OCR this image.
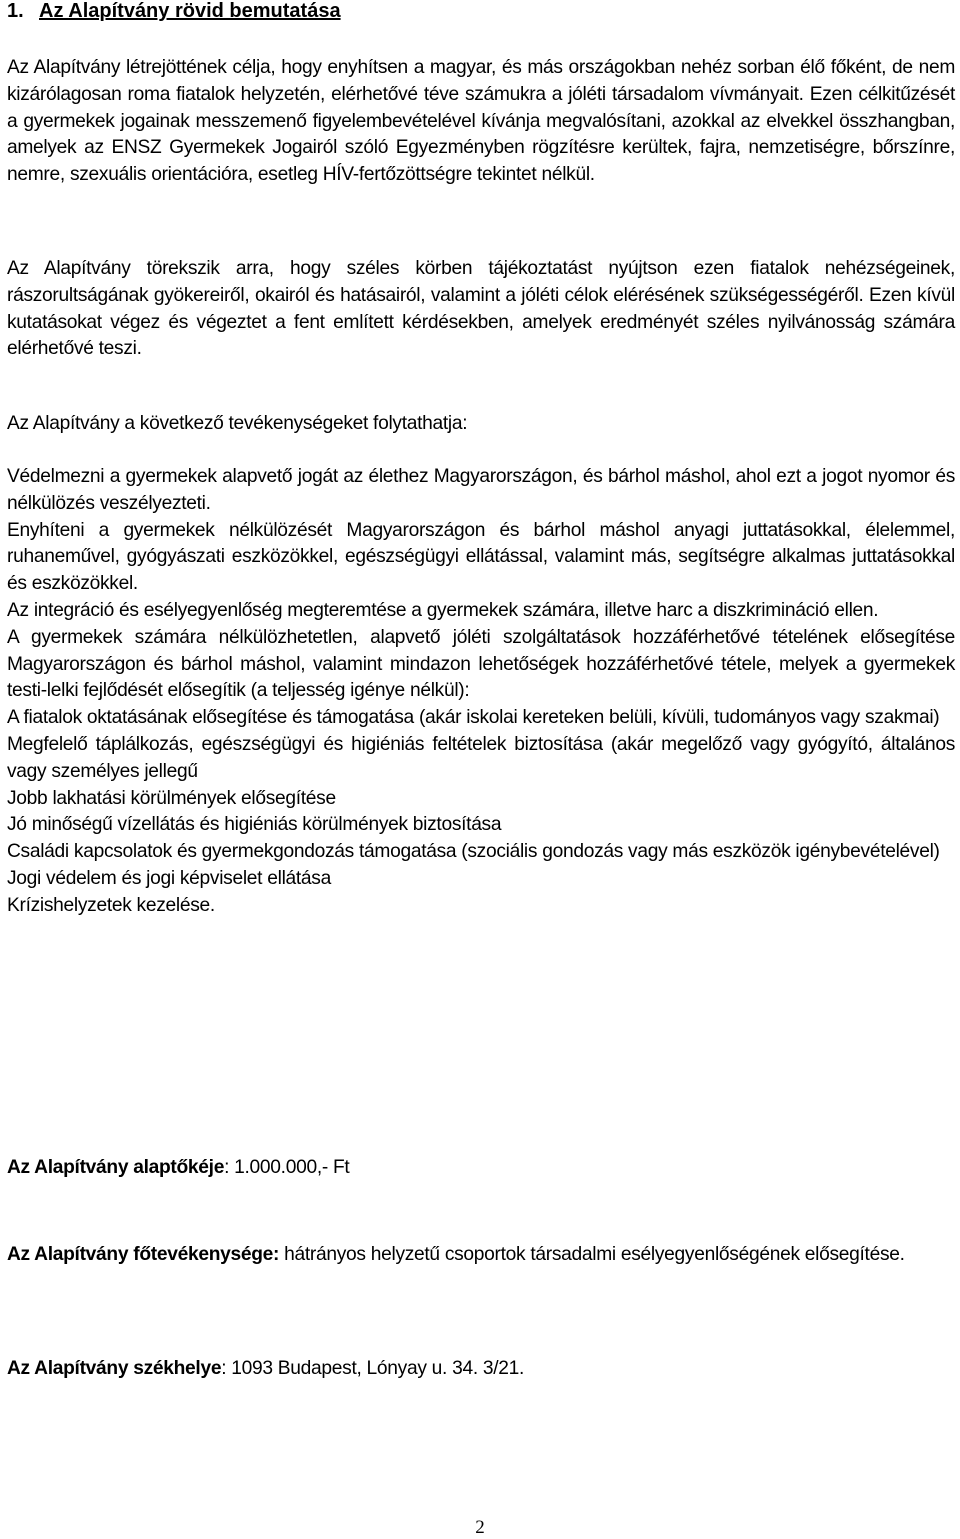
1. Az Alapítvány rövid bemutatása

Az Alapítvány létrejöttének célja, hogy enyhítsen a magyar, és más országokban nehéz sorban élő főként, de nem kizárólagosan roma fiatalok helyzetén, elérhetővé téve számukra a jóléti társadalom vívmányait. Ezen célkitűzését a gyermekek jogainak messzemenő figyelembevételével kívánja megvalósítani, azokkal az elvekkel összhangban, amelyek az ENSZ Gyermekek Jogairól szóló Egyezményben rögzítésre kerültek, fajra, nemzetiségre, bőrszínre, nemre, szexuális orientációra, esetleg HÍV-fertőzöttségre tekintet nélkül.

Az Alapítvány törekszik arra, hogy széles körben tájékoztatást nyújtson ezen fiatalok nehézségeinek, rászorultságának gyökereiről, okairól és hatásairól, valamint a jóléti célok elérésének szükségességéről. Ezen kívül kutatásokat végez és végeztet a fent említett kérdésekben, amelyek eredményét széles nyilvánosság számára elérhetővé teszi.

Az Alapítvány a következő tevékenységeket folytathatja:

Védelmezni a gyermekek alapvető jogát az élethez Magyarországon, és bárhol máshol, ahol ezt a jogot nyomor és nélkülözés veszélyezteti.

Enyhíteni a gyermekek nélkülözését Magyarországon és bárhol máshol anyagi juttatásokkal, élelemmel, ruhaneművel, gyógyászati eszközökkel, egészségügyi ellátással, valamint más, segítségre alkalmas juttatásokkal és eszközökkel.

Az integráció és esélyegyenlőség megteremtése a gyermekek számára, illetve harc a diszkrimináció ellen.

A gyermekek számára nélkülözhetetlen, alapvető jóléti szolgáltatások hozzáférhetővé tételének elősegítése Magyarországon és bárhol máshol, valamint mindazon lehetőségek hozzáférhetővé tétele, melyek a gyermekek testi-lelki fejlődését elősegítik (a teljesség igénye nélkül):

A fiatalok oktatásának elősegítése és támogatása (akár iskolai kereteken belüli, kívüli, tudományos vagy szakmai)

Megfelelő táplálkozás, egészségügyi és higiéniás feltételek biztosítása (akár megelőző vagy gyógyító, általános vagy személyes jellegű

Jobb lakhatási körülmények elősegítése

Jó minőségű vízellátás és higiéniás körülmények biztosítása

Családi kapcsolatok és gyermekgondozás támogatása (szociális gondozás vagy más eszközök igénybevételével)

Jogi védelem és jogi képviselet ellátása

Krízishelyzetek kezelése.

Az Alapítvány alaptőkéje: 1.000.000,- Ft

Az Alapítvány főtevékenysége: hátrányos helyzetű csoportok társadalmi esélyegyenlőségének elősegítése.

Az Alapítvány székhelye: 1093 Budapest, Lónyay u. 34. 3/21.

2
